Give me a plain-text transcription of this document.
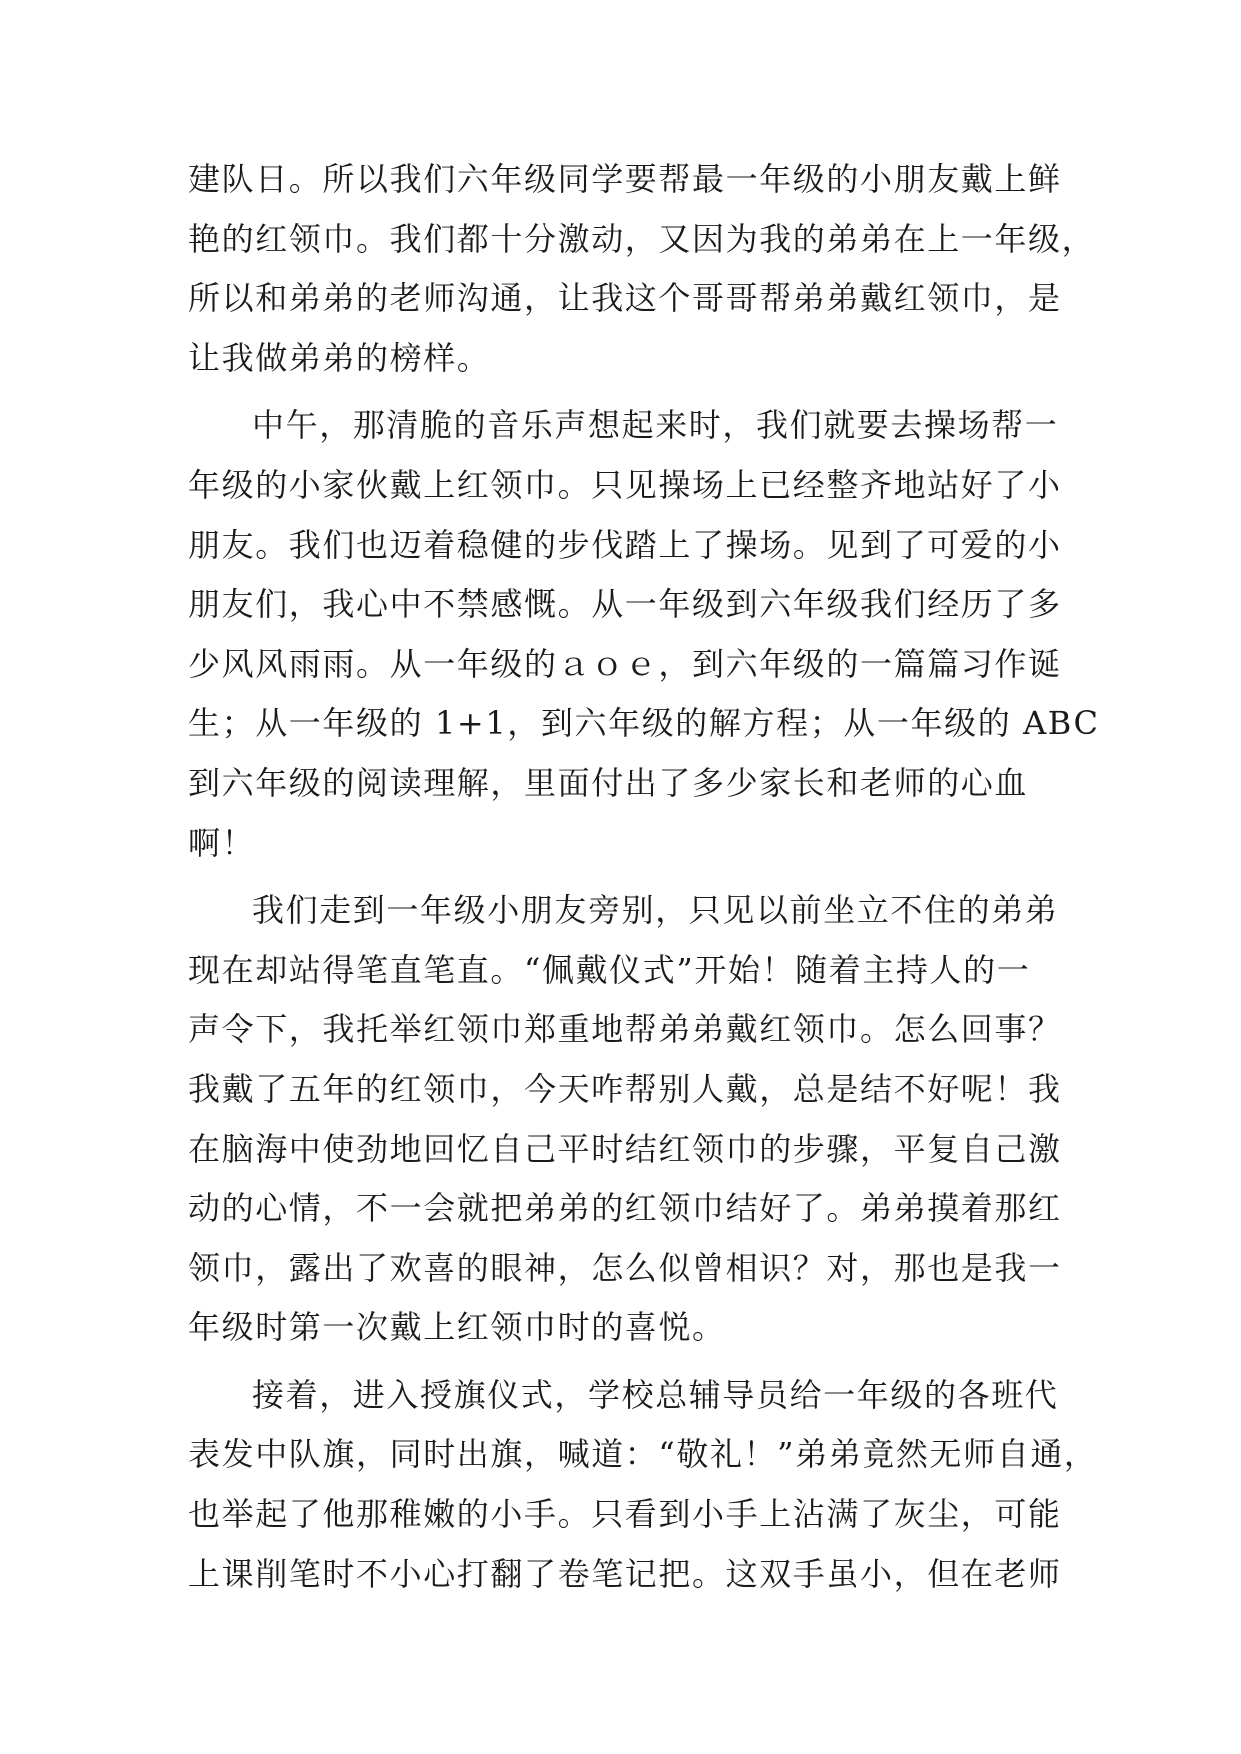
建队日。所以我们六年级同学要帮最一年级的小朋友戴上鲜
艳的红领巾。我们都十分激动，又因为我的弟弟在上一年级，
所以和弟弟的老师沟通，让我这个哥哥帮弟弟戴红领巾，是
让我做弟弟的榜样。
中午，那清脆的音乐声想起来时，我们就要去操场帮一
年级的小家伙戴上红领巾。只见操场上已经整齐地站好了小
朋友。我们也迈着稳健的步伐踏上了操场。见到了可爱的小
朋友们，我心中不禁感慨。从一年级到六年级我们经历了多
少风风雨雨。从一年级的ａｏｅ，到六年级的一篇篇习作诞
生；从一年级的 1+1，到六年级的解方程；从一年级的 ABC
到六年级的阅读理解，里面付出了多少家长和老师的心血
啊！
我们走到一年级小朋友旁别，只见以前坐立不住的弟弟
现在却站得笔直笔直。“佩戴仪式”开始！随着主持人的一
声令下，我托举红领巾郑重地帮弟弟戴红领巾。怎么回事？
我戴了五年的红领巾，今天咋帮别人戴，总是结不好呢！我
在脑海中使劲地回忆自己平时结红领巾的步骤，平复自己激
动的心情，不一会就把弟弟的红领巾结好了。弟弟摸着那红
领巾，露出了欢喜的眼神，怎么似曾相识？对，那也是我一
年级时第一次戴上红领巾时的喜悦。
接着，进入授旗仪式，学校总辅导员给一年级的各班代
表发中队旗，同时出旗，喊道：“敬礼！”弟弟竟然无师自通，
也举起了他那稚嫩的小手。只看到小手上沾满了灰尘，可能
上课削笔时不小心打翻了卷笔记把。这双手虽小，但在老师
